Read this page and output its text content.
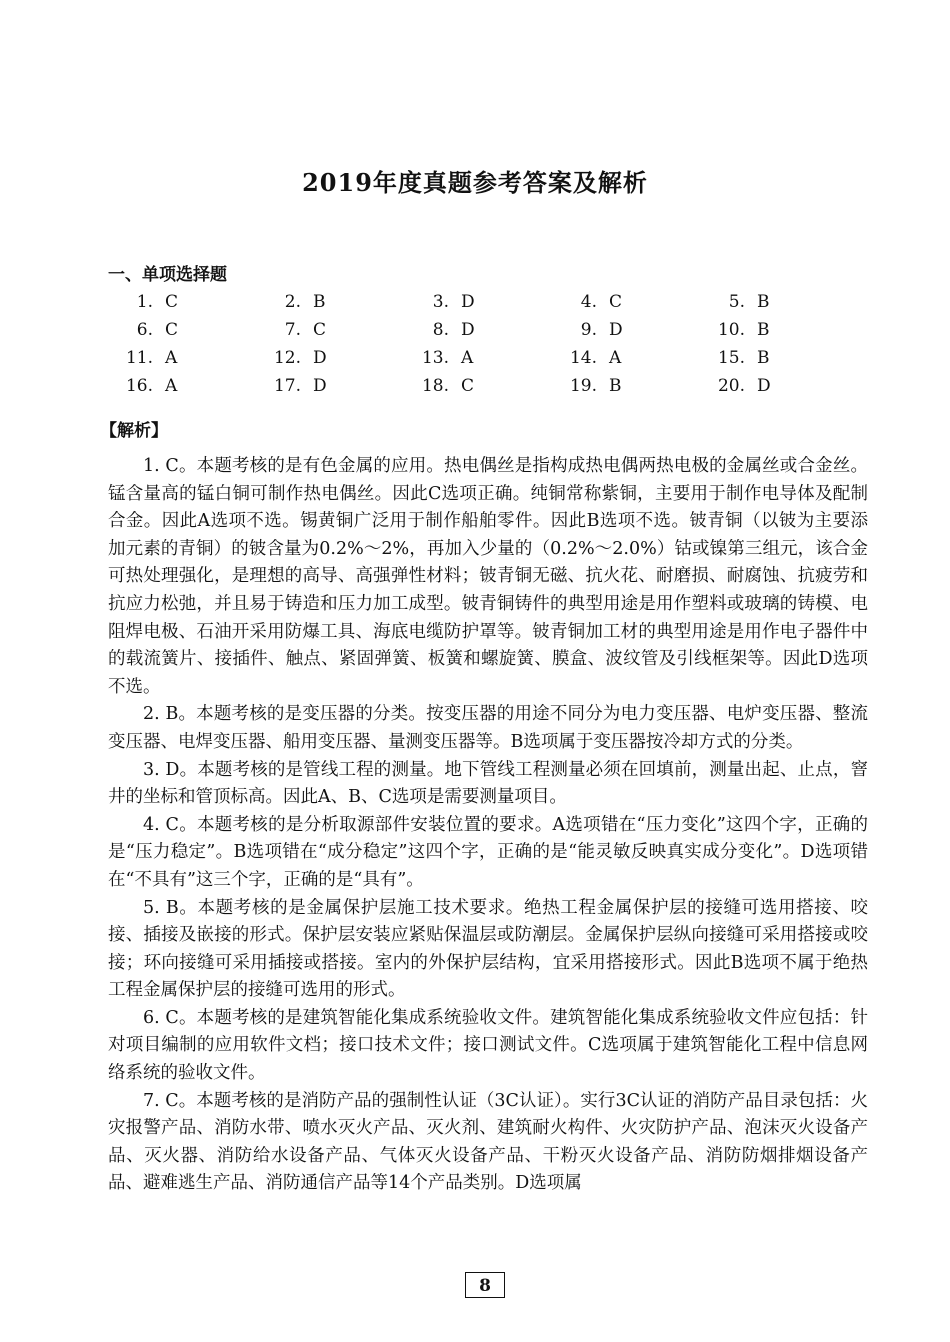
2019年度真题参考答案及解析
一、单项选择题
1. C	2. B	3. D	4. C	5. B
6. C	7. C	8. D	9. D	10. B
11. A	12. D	13. A	14. A	15. B
16. A	17. D	18. C	19. B	20. D
【解析】

1. C。本题考核的是有色金属的应用。热电偶丝是指构成热电偶两热电极的金属丝或合金丝。锰含量高的锰白铜可制作热电偶丝。因此C选项正确。纯铜常称紫铜，主要用于制作电导体及配制合金。因此A选项不选。锡黄铜广泛用于制作船舶零件。因此B选项不选。铍青铜（以铍为主要添加元素的青铜）的铍含量为0.2%～2%，再加入少量的（0.2%～2.0%）钴或镍第三组元，该合金可热处理强化，是理想的高导、高强弹性材料；铍青铜无磁、抗火花、耐磨损、耐腐蚀、抗疲劳和抗应力松弛，并且易于铸造和压力加工成型。铍青铜铸件的典型用途是用作塑料或玻璃的铸模、电阻焊电极、石油开采用防爆工具、海底电缆防护罩等。铍青铜加工材的典型用途是用作电子器件中的载流簧片、接插件、触点、紧固弹簧、板簧和螺旋簧、膜盒、波纹管及引线框架等。因此D选项不选。

2. B。本题考核的是变压器的分类。按变压器的用途不同分为电力变压器、电炉变压器、整流变压器、电焊变压器、船用变压器、量测变压器等。B选项属于变压器按冷却方式的分类。

3. D。本题考核的是管线工程的测量。地下管线工程测量必须在回填前，测量出起、止点，窨井的坐标和管顶标高。因此A、B、C选项是需要测量项目。

4. C。本题考核的是分析取源部件安装位置的要求。A选项错在“压力变化”这四个字，正确的是“压力稳定”。B选项错在“成分稳定”这四个字，正确的是“能灵敏反映真实成分变化”。D选项错在“不具有”这三个字，正确的是“具有”。

5. B。本题考核的是金属保护层施工技术要求。绝热工程金属保护层的接缝可选用搭接、咬接、插接及嵌接的形式。保护层安装应紧贴保温层或防潮层。金属保护层纵向接缝可采用搭接或咬接；环向接缝可采用插接或搭接。室内的外保护层结构，宜采用搭接形式。因此B选项不属于绝热工程金属保护层的接缝可选用的形式。

6. C。本题考核的是建筑智能化集成系统验收文件。建筑智能化集成系统验收文件应包括：针对项目编制的应用软件文档；接口技术文件；接口测试文件。C选项属于建筑智能化工程中信息网络系统的验收文件。

7. C。本题考核的是消防产品的强制性认证（3C认证）。实行3C认证的消防产品目录包括：火灾报警产品、消防水带、喷水灭火产品、灭火剂、建筑耐火构件、火灾防护产品、泡沫灭火设备产品、灭火器、消防给水设备产品、气体灭火设备产品、干粉灭火设备产品、消防防烟排烟设备产品、避难逃生产品、消防通信产品等14个产品类别。D选项属

8
